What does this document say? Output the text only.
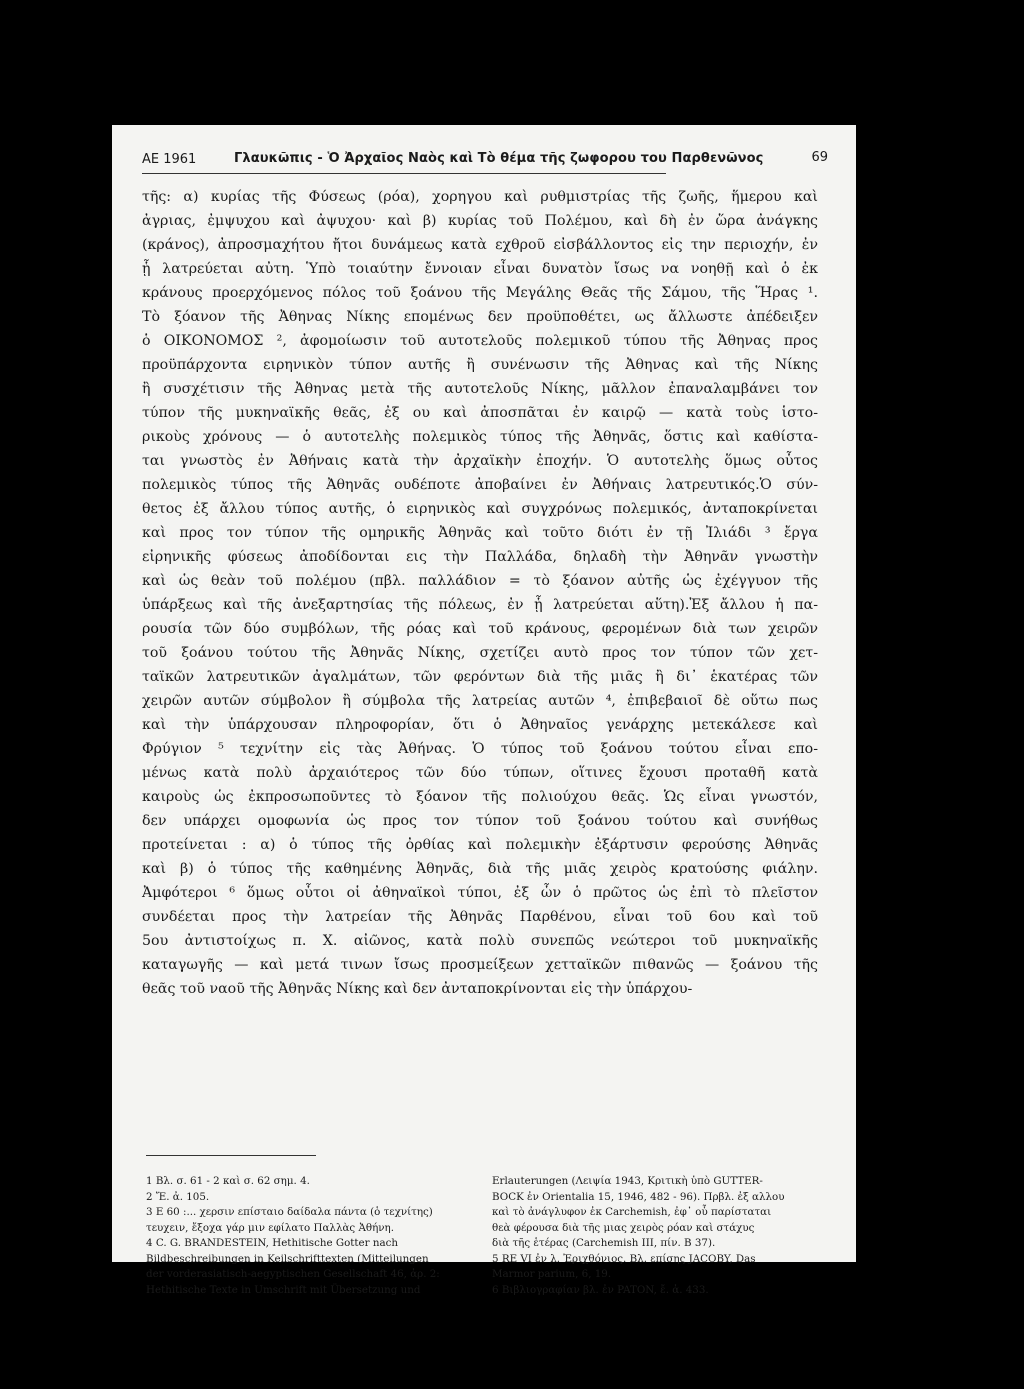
ΑΕ 1961	Γλαυκῶπις - Ὁ Ἀρχαῖος Ναὸς καὶ Τὸ θέμα τῆς ζωφορου του Παρθενῶνος	69
τῆς: α) κυρίας τῆς Φύσεως (ρόα), χορηγου καὶ ρυθμιστρίας τῆς ζωῆς, ἥμερου καὶ
ἀγριας, ἐμψυχου καὶ ἀψυχου· καὶ β) κυρίας τοῦ Πολέμου, καὶ δὴ ἐν ὥρα ἀνάγκης
(κράνος), ἀπροσμαχήτου ἤτοι δυνάμεως κατὰ εχθροῦ εἰσβάλλοντος εἰς την περιοχήν, ἐν
ᾗ λατρεύεται αὐτη. Ὑπὸ τοιαύτην ἔννοιαν εἶναι δυνατὸν ἴσως να νοηθῇ καὶ ὁ ἐκ
κράνους προερχόμενος πόλος τοῦ ξοάνου τῆς Μεγάλης Θεᾶς τῆς Σάμου, τῆς Ἥρας ¹.
Τὸ ξόανον τῆς Ἀθηνας Νίκης επομένως δεν προϋποθέτει, ως ἄλλωστε ἀπέδειξεν
ὁ ΟΙΚΟΝΟΜΟΣ ², ἀφομοίωσιν τοῦ αυτοτελοῦς πολεμικοῦ τύπου τῆς Ἀθηνας προς
προϋπάρχοντα ειρηνικὸν τύπον αυτῆς ἢ συνένωσιν τῆς Ἀθηνας καὶ τῆς Νίκης
ἢ συσχέτισιν τῆς Ἀθηνας μετὰ τῆς αυτοτελοῦς Νίκης, μᾶλλον ἐπαναλαμβάνει τον
τύπον τῆς μυκηναϊκῆς θεᾶς, ἐξ ου καὶ ἀποσπᾶται ἐν καιρῷ — κατὰ τοὺς ἱστο-
ρικοὺς χρόνους — ὁ αυτοτελὴς πολεμικὸς τύπος τῆς Ἀθηνᾶς, ὅστις καὶ καθίστα-
ται γνωστὸς ἐν Ἀθήναις κατὰ τὴν ἀρχαϊκὴν ἐποχήν. Ὁ αυτοτελὴς ὅμως οὗτος
πολεμικὸς τύπος τῆς Ἀθηνᾶς ουδέποτε ἀποβαίνει ἐν Ἀθήναις λατρευτικός.Ὁ σύν-
θετος ἐξ ἄλλου τύπος αυτῆς, ὁ ειρηνικὸς καὶ συγχρόνως πολεμικός, ἀνταποκρίνεται
καὶ προς τον τύπον τῆς ομηρικῆς Ἀθηνᾶς καὶ τοῦτο διότι ἐν τῇ Ἰλιάδι ³ ἔργα
εἰρηνικῆς φύσεως ἀποδίδονται εις τὴν Παλλάδα, δηλαδὴ τὴν Ἀθηνᾶν γνωστὴν
καὶ ὡς θεὰν τοῦ πολέμου (πβλ. παλλάδιον = τὸ ξόανον αὐτῆς ὡς ἐχέγγυον τῆς
ὑπάρξεως καὶ τῆς ἀνεξαρτησίας τῆς πόλεως, ἐν ᾗ λατρεύεται αὕτη).Ἐξ ἄλλου ἡ πα-
ρουσία τῶν δύο συμβόλων, τῆς ρόας καὶ τοῦ κράνους, φερομένων διὰ των χειρῶν
τοῦ ξοάνου τούτου τῆς Ἀθηνᾶς Νίκης, σχετίζει αυτὸ προς τον τύπον τῶν χετ-
ταϊκῶν λατρευτικῶν ἀγαλμάτων, τῶν φερόντων διὰ τῆς μιᾶς ἢ δι᾿ ἑκατέρας τῶν
χειρῶν αυτῶν σύμβολον ἢ σύμβολα τῆς λατρείας αυτῶν ⁴, ἐπιβεβαιοῖ δὲ οὕτω πως
καὶ τὴν ὑπάρχουσαν πληροφορίαν, ὅτι ὁ Ἀθηναῖος γενάρχης μετεκάλεσε καὶ
Φρύγιον ⁵ τεχνίτην εἰς τὰς Ἀθήνας. Ὁ τύπος τοῦ ξοάνου τούτου εἶναι επο-
μένως κατὰ πολὺ ἀρχαιότερος τῶν δύο τύπων, οἵτινες ἔχουσι προταθῆ κατὰ
καιροὺς ὡς ἐκπροσωποῦντες τὸ ξόανον τῆς πολιούχου θεᾶς. Ὡς εἶναι γνωστόν,
δεν υπάρχει ομοφωνία ὡς προς τον τύπον τοῦ ξοάνου τούτου καὶ συνήθως
προτείνεται : α) ὁ τύπος τῆς ὀρθίας καὶ πολεμικὴν ἐξάρτυσιν φερούσης Ἀθηνᾶς
καὶ β) ὁ τύπος τῆς καθημένης Ἀθηνᾶς, διὰ τῆς μιᾶς χειρὸς κρατούσης φιάλην.
Ἀμφότεροι ⁶ ὅμως οὗτοι οἱ ἀθηναϊκοὶ τύποι, ἐξ ὧν ὁ πρῶτος ὡς ἐπὶ τὸ πλεῖστον
συνδέεται προς τὴν λατρείαν τῆς Ἀθηνᾶς Παρθένου, εἶναι τοῦ 6ου καὶ τοῦ
5ου ἀντιστοίχως π. Χ. αἰῶνος, κατὰ πολὺ συνεπῶς νεώτεροι τοῦ μυκηναϊκῆς
καταγωγῆς — καὶ μετά τινων ἴσως προσμείξεων χετταϊκῶν πιθανῶς — ξοάνου τῆς
θεᾶς τοῦ ναοῦ τῆς Ἀθηνᾶς Νίκης καὶ δεν ἀνταποκρίνονται εἰς τὴν ὑπάρχου-
1 Βλ. σ. 61 - 2 καὶ σ. 62 σημ. 4.
2 Ἔ. ἀ. 105.
3 E 60 :... χερσιν επίσταιο δαίδαλα πάντα (ὁ τεχνίτης)
τευχειν, ἔξοχα γάρ μιν εφίλατο Παλλὰς Ἀθήνη.
4 C. G. BRANDESTEIN, Hethitische Gotter nach
Bildbeschreibungen in Keilschrifttexten (Mitteilungen
der vorderasiatisch-aegyptischen Gesellschaft 46, ἀρ. 2:
Hethitische Texte in Umschrift mit Übersetzung und
Erlauterungen (Λειψία 1943, Κριτικὴ ὑπὸ GUTTER-
BOCK ἐν Orientalia 15, 1946, 482 - 96). Πρβλ. ἐξ αλλου
καὶ τὸ ἀνάγλυφον ἐκ Carchemish, ἐφ᾿ οὗ παρίσταται
θεὰ φέρουσα διὰ τῆς μιας χειρὸς ρόαν καὶ στάχυς
διὰ τῆς ἑτέρας (Carchemish III, πίν. Β 37).
5 RE VI ἐν λ. Ἐριχθόνιος. Βλ. επίσης JACOBY, Das
Marmor parium, 6, 19.
6 Βιβλιογραφίαν βλ. ἐν PATON, ἔ. ἀ. 433.
